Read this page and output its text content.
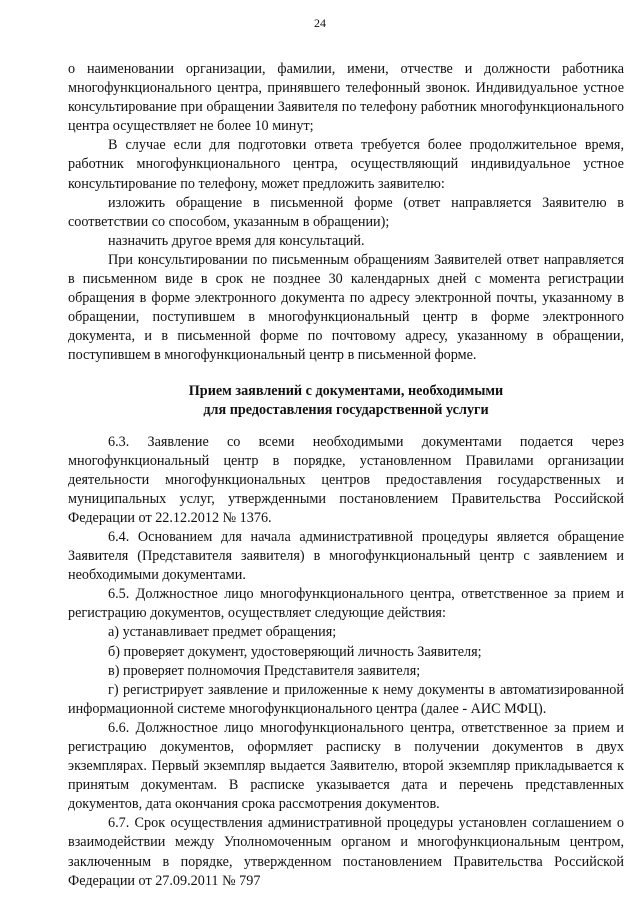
24

о наименовании организации, фамилии, имени, отчестве и должности работника многофункционального центра, принявшего телефонный звонок. Индивидуальное устное консультирование при обращении Заявителя по телефону работник многофункционального центра осуществляет не более 10 минут;

В случае если для подготовки ответа требуется более продолжительное время, работник многофункционального центра, осуществляющий индивидуальное устное консультирование по телефону, может предложить заявителю:

изложить обращение в письменной форме (ответ направляется Заявителю в соответствии со способом, указанным в обращении);

назначить другое время для консультаций.

При консультировании по письменным обращениям Заявителей ответ направляется в письменном виде в срок не позднее 30 календарных дней с момента регистрации обращения в форме электронного документа по адресу электронной почты, указанному в обращении, поступившем в многофункциональный центр в форме электронного документа, и в письменной форме по почтовому адресу, указанному в обращении, поступившем в многофункциональный центр в письменной форме.

Прием заявлений с документами, необходимыми
для предоставления государственной услуги

6.3. Заявление со всеми необходимыми документами подается через многофункциональный центр в порядке, установленном Правилами организации деятельности многофункциональных центров предоставления государственных и муниципальных услуг, утвержденными постановлением Правительства Российской Федерации от 22.12.2012 № 1376.

6.4. Основанием для начала административной процедуры является обращение Заявителя (Представителя заявителя) в многофункциональный центр с заявлением и необходимыми документами.

6.5. Должностное лицо многофункционального центра, ответственное за прием и регистрацию документов, осуществляет следующие действия:

а) устанавливает предмет обращения;

б) проверяет документ, удостоверяющий личность Заявителя;

в) проверяет полномочия Представителя заявителя;

г) регистрирует заявление и приложенные к нему документы в автоматизированной информационной системе многофункционального центра (далее - АИС МФЦ).

6.6. Должностное лицо многофункционального центра, ответственное за прием и регистрацию документов, оформляет расписку в получении документов в двух экземплярах. Первый экземпляр выдается Заявителю, второй экземпляр прикладывается к принятым документам. В расписке указывается дата и перечень представленных документов, дата окончания срока рассмотрения документов.

6.7. Срок осуществления административной процедуры установлен соглашением о взаимодействии между Уполномоченным органом и многофункциональным центром, заключенным в порядке, утвержденном постановлением Правительства Российской Федерации от 27.09.2011 № 797
